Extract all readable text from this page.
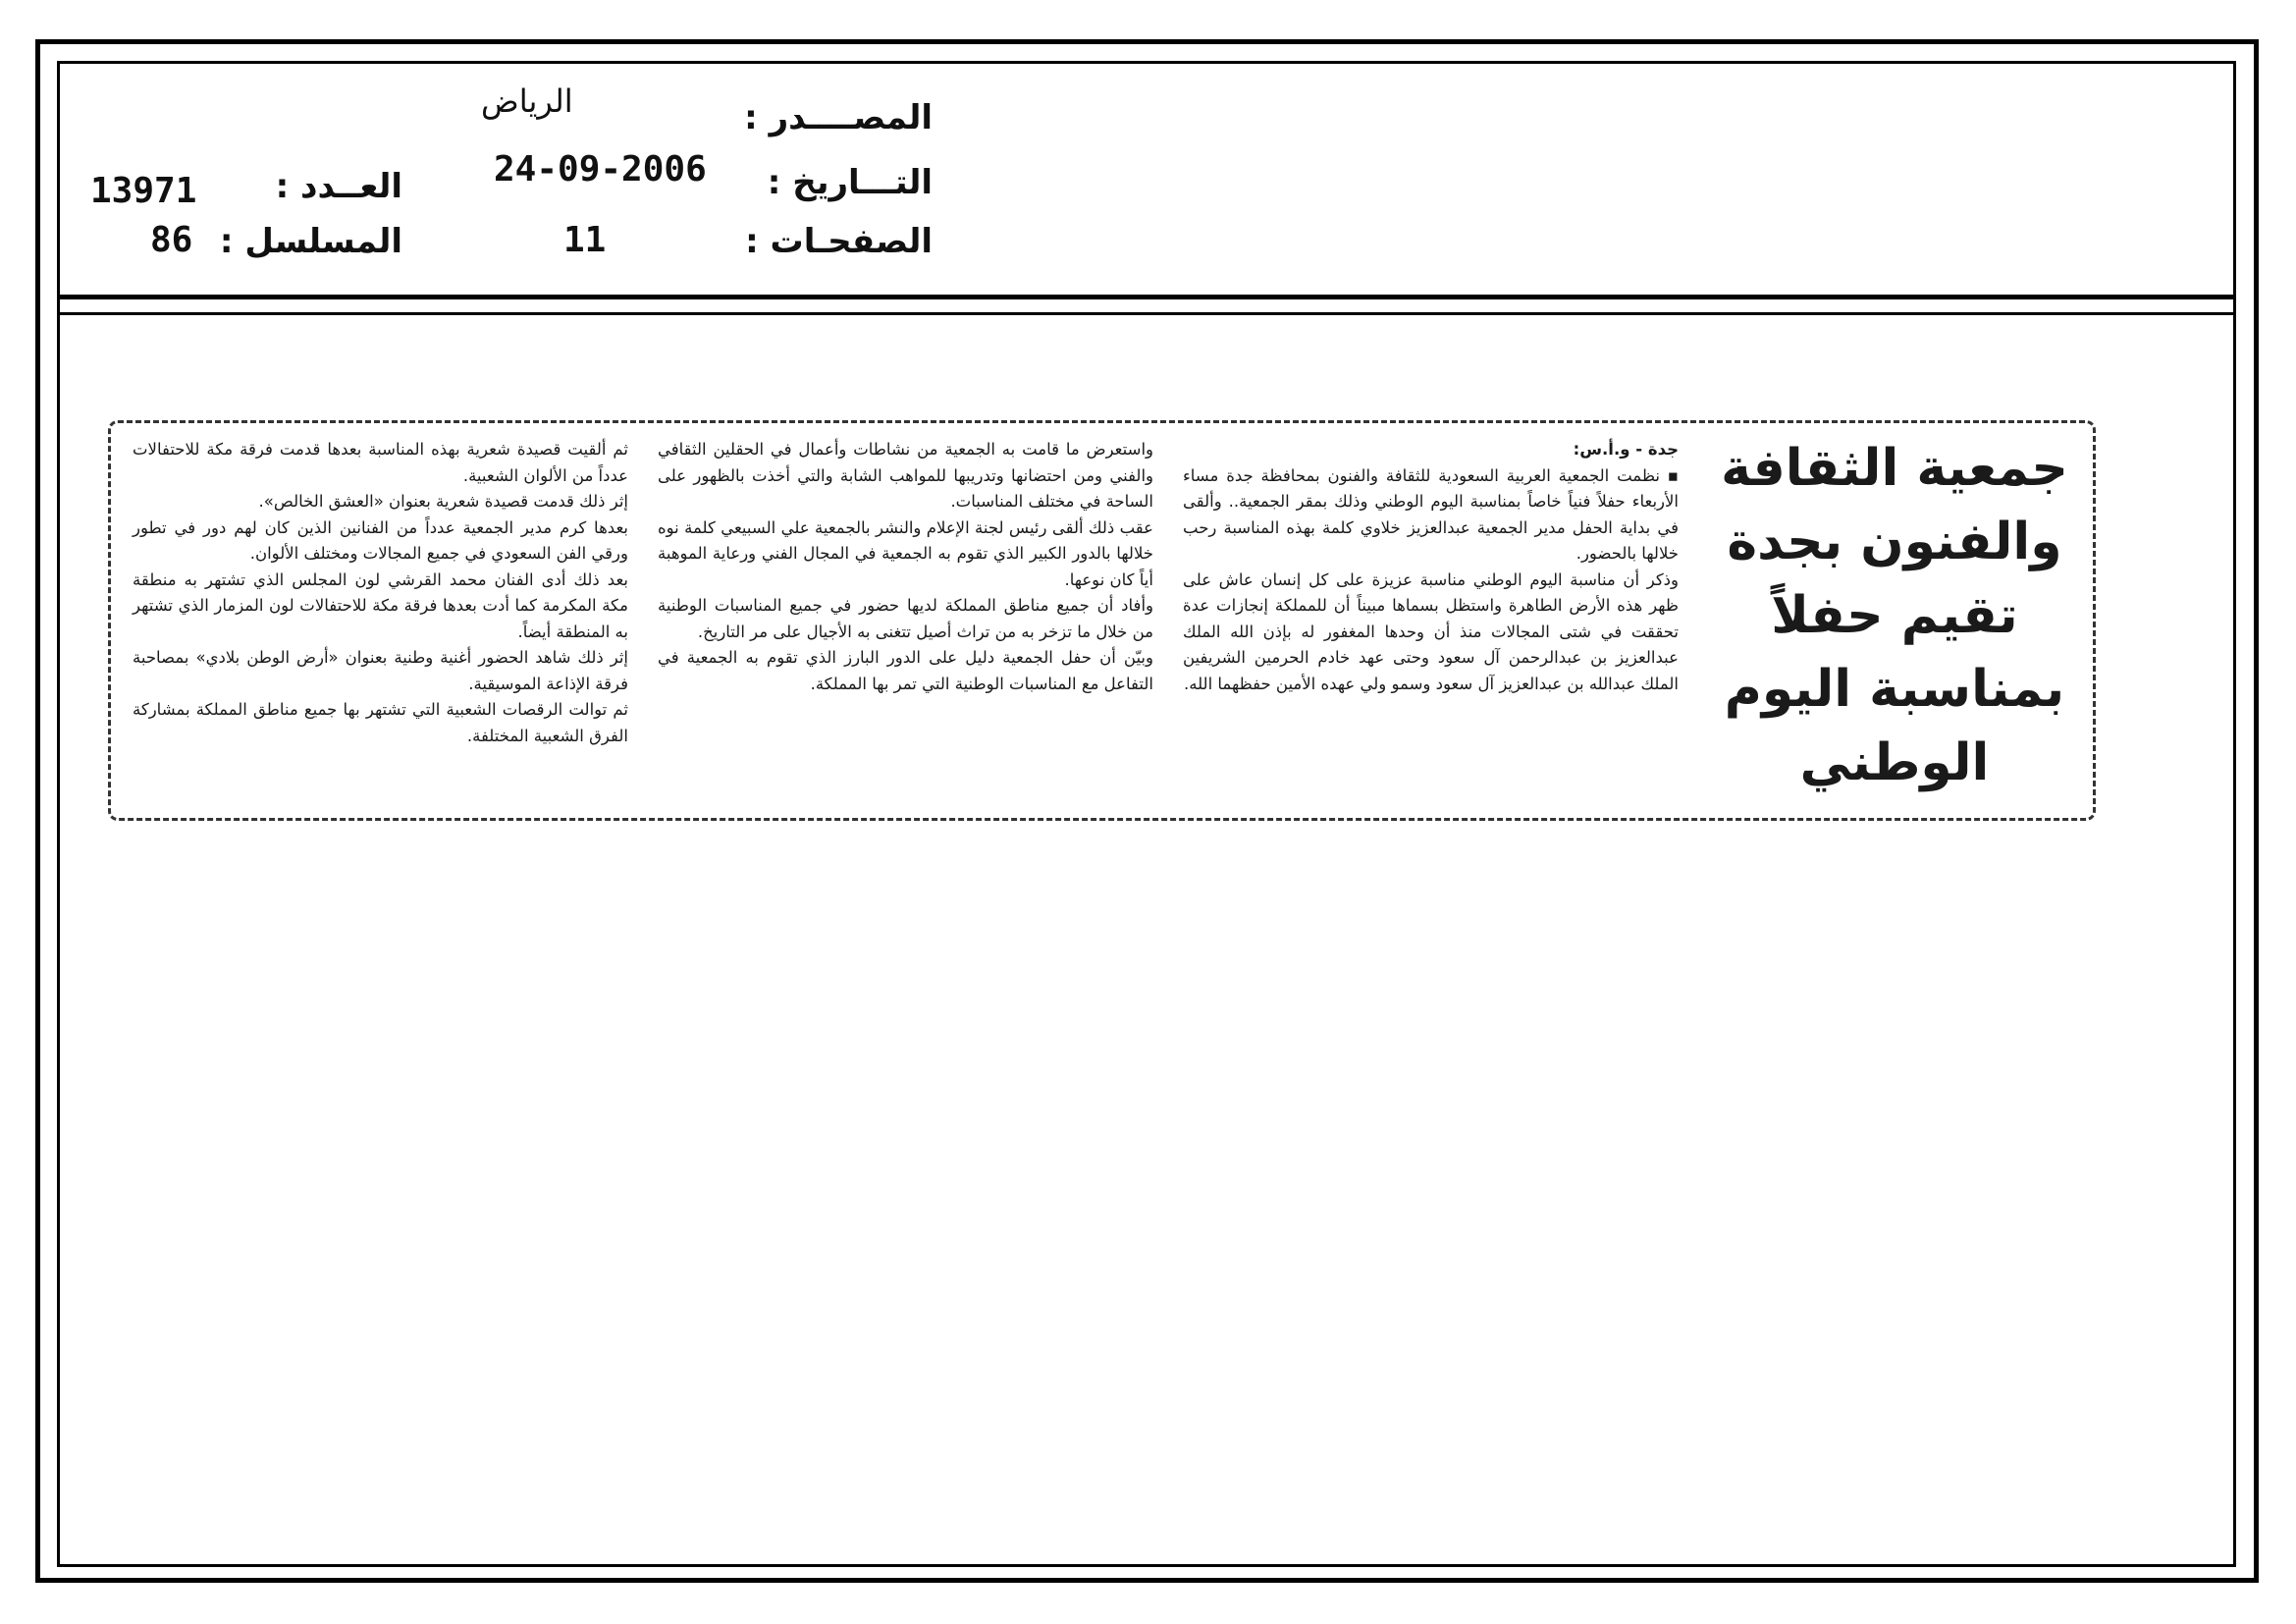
المصــــدر :
الرياض
التـــاريخ :
24-09-2006
الصفحـات :
11
العــدد :
13971
المسلسل :
86
جمعية الثقافة
والفنون بجدة
تقيم حفلاً
بمناسبة اليوم
الوطني

جدة - و.أ.س:

▪ نظمت الجمعية العربية السعودية للثقافة والفنون بمحافظة جدة مساء الأربعاء حفلاً فنياً خاصاً بمناسبة اليوم الوطني وذلك بمقر الجمعية.. وألقى في بداية الحفل مدير الجمعية عبدالعزيز خلاوي كلمة بهذه المناسبة رحب خلالها بالحضور.

وذكر أن مناسبة اليوم الوطني مناسبة عزيزة على كل إنسان عاش على ظهر هذه الأرض الطاهرة واستظل بسماها مبيناً أن للمملكة إنجازات عدة تحققت في شتى المجالات منذ أن وحدها المغفور له بإذن الله الملك عبدالعزيز بن عبدالرحمن آل سعود وحتى عهد خادم الحرمين الشريفين الملك عبدالله بن عبدالعزيز آل سعود وسمو ولي عهده الأمين حفظهما الله.

واستعرض ما قامت به الجمعية من نشاطات وأعمال في الحقلين الثقافي والفني ومن احتضانها وتدريبها للمواهب الشابة والتي أخذت بالظهور على الساحة في مختلف المناسبات.

عقب ذلك ألقى رئيس لجنة الإعلام والنشر بالجمعية علي السبيعي كلمة نوه خلالها بالدور الكبير الذي تقوم به الجمعية في المجال الفني ورعاية الموهبة أياً كان نوعها.

وأفاد أن جميع مناطق المملكة لديها حضور في جميع المناسبات الوطنية من خلال ما تزخر به من تراث أصيل تتغنى به الأجيال على مر التاريخ.

وبيّن أن حفل الجمعية دليل على الدور البارز الذي تقوم به الجمعية في التفاعل مع المناسبات الوطنية التي تمر بها المملكة.

ثم ألقيت قصيدة شعرية بهذه المناسبة بعدها قدمت فرقة مكة للاحتفالات عدداً من الألوان الشعبية.

إثر ذلك قدمت قصيدة شعرية بعنوان «العشق الخالص».

بعدها كرم مدير الجمعية عدداً من الفنانين الذين كان لهم دور في تطور ورقي الفن السعودي في جميع المجالات ومختلف الألوان.

بعد ذلك أدى الفنان محمد القرشي لون المجلس الذي تشتهر به منطقة مكة المكرمة كما أدت بعدها فرقة مكة للاحتفالات لون المزمار الذي تشتهر به المنطقة أيضاً.

إثر ذلك شاهد الحضور أغنية وطنية بعنوان «أرض الوطن بلادي» بمصاحبة فرقة الإذاعة الموسيقية.

ثم توالت الرقصات الشعبية التي تشتهر بها جميع مناطق المملكة بمشاركة الفرق الشعبية المختلفة.
